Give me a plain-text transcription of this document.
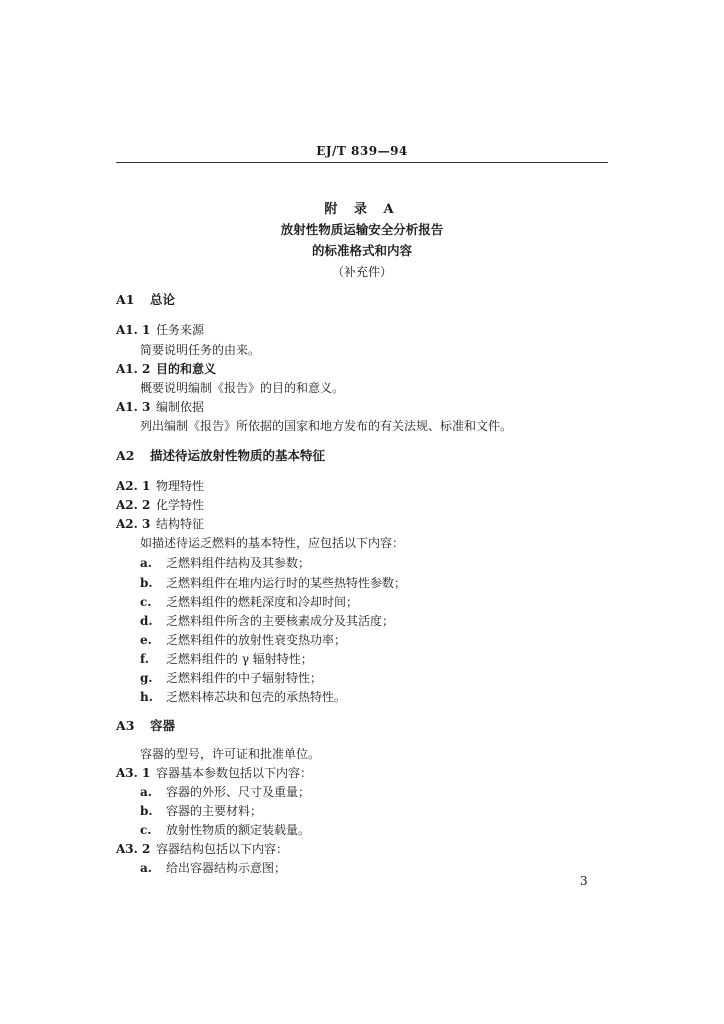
EJ/T 839—94
附 录 A
放射性物质运输安全分析报告
的标准格式和内容
（补充件）
A1 总论
A1. 1 任务来源
简要说明任务的由来。
A1. 2 目的和意义
概要说明编制《报告》的目的和意义。
A1. 3 编制依据
列出编制《报告》所依据的国家和地方发布的有关法规、标准和文件。
A2 描述待运放射性物质的基本特征
A2. 1 物理特性
A2. 2 化学特性
A2. 3 结构特征
如描述待运乏燃料的基本特性，应包括以下内容：
a. 乏燃料组件结构及其参数；
b. 乏燃料组件在堆内运行时的某些热特性参数；
c. 乏燃料组件的燃耗深度和冷却时间；
d. 乏燃料组件所含的主要核素成分及其活度；
e. 乏燃料组件的放射性衰变热功率；
f. 乏燃料组件的 γ 辐射特性；
g. 乏燃料组件的中子辐射特性；
h. 乏燃料棒芯块和包壳的承热特性。
A3 容器
容器的型号，许可证和批准单位。
A3. 1 容器基本参数包括以下内容：
a. 容器的外形、尺寸及重量；
b. 容器的主要材料；
c. 放射性物质的额定装载量。
A3. 2 容器结构包括以下内容：
a. 给出容器结构示意图；
3
